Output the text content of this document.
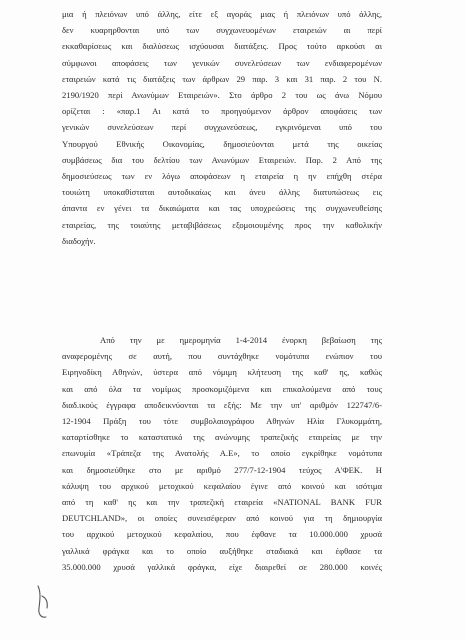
μια ή πλειόνων υπό άλλης, είτε εξ αγοράς μιας ή πλειόνων υπό άλλης,
δεν κυαρηρθονται υπό των συγχωνευομένων εταιρειών αι περί
εκκαθαρίσεως και διαλύσεως ισχύουσαι διατάξεις. Προς τούτο αρκούσι αι
σύμφωνοι αποφάσεις των γενικών συνελεύσεων των ενδιαφερομένων
εταιρειών κατά τις διατάξεις των άρθρων 29 παρ. 3 και 31 παρ. 2 του Ν.
2190/1920 περί Ανωνύμων Εταιρειών». Στο άρθρο 2 του ως άνω Νόμου
ορίζεται : «παρ.1 Αι κατά το προηγούμενον άρθρον αποφάσεις των
γενικών συνελεύσεων περί συγχωνεύσεως, εγκρινόμεναι υπό του
Υπουργού Εθνικής Οικονομίας, δημοσιεύονται μετά της οικείας
συμβάσεως δια του δελτίου των Ανωνύμων Εταιρειών. Παρ. 2 Από της
δημοσιεύσεως των εν λόγω αποφάσεων η εταιρεία η ην επήχθη στέρα
τουιώτη υποκαθίσταται αυτοδικαίως και άνευ άλλης διατυπώσεως εις
άπαντα εν γένει τα δικαιώματα και τας υποχρεώσεις της συγχωνευθείσης
εταιρείας, της τοιαύτης μεταβιβάσεως εξομοιουμένης προς την καθολικήν
διαδοχήν.
Από την με ημερομηνία 1-4-2014 ένορκη βεβαίωση της
αναφερομένης σε αυτή, που συντάχθηκε νομότυπα ενώπιον του
Ειρηνοδίκη Αθηνών, ύστερα από νόμιμη κλήτευση της καθ' ης, καθώς
και από όλα τα νομίμως προσκομιζόμενα και επικαλούμενα από τους
διαδ.ικούς έγγραφα αποδεικνύονται τα εξής: Με την υπ' αριθμόν 122747/6-
12-1904 Πράξη του τότε συμβολαιογράφου Αθηνών Ηλία Γλυκομμάτη,
καταρτίσθηκε το καταστατικό της ανώνυμης τραπεζικής εταιρείας με την
επωνυμία «Τράπεζα της Ανατολής Α.Ε», το οποίο εγκρίθηκε νομότυπα
και δημοσιεύθηκε στο με αριθμό 277/7-12-1904 τεύχος Α'ΦΕΚ. Η
κάλυψη του αρχικού μετοχικού κεφαλαίου έγινε από κοινού και ισότιμα
από τη καθ' ης και την τραπεζική εταιρεία «NATIONAL BANK FUR
DEUTCHLAND», οι οποίες συνεισέφεραν από κοινού για τη δημιουργία
του αρχικού μετοχικού κεφαλαίου, που έφθανε τα 10.000.000 χρυσά
γαλλικά φράγκα και το οποίο αυξήθηκε σταδιακά και έφθασε τα
35.000.000 χρυσά γαλλικά φράγκα, είχε διαιρεθεί σε 280.000 κοινές
